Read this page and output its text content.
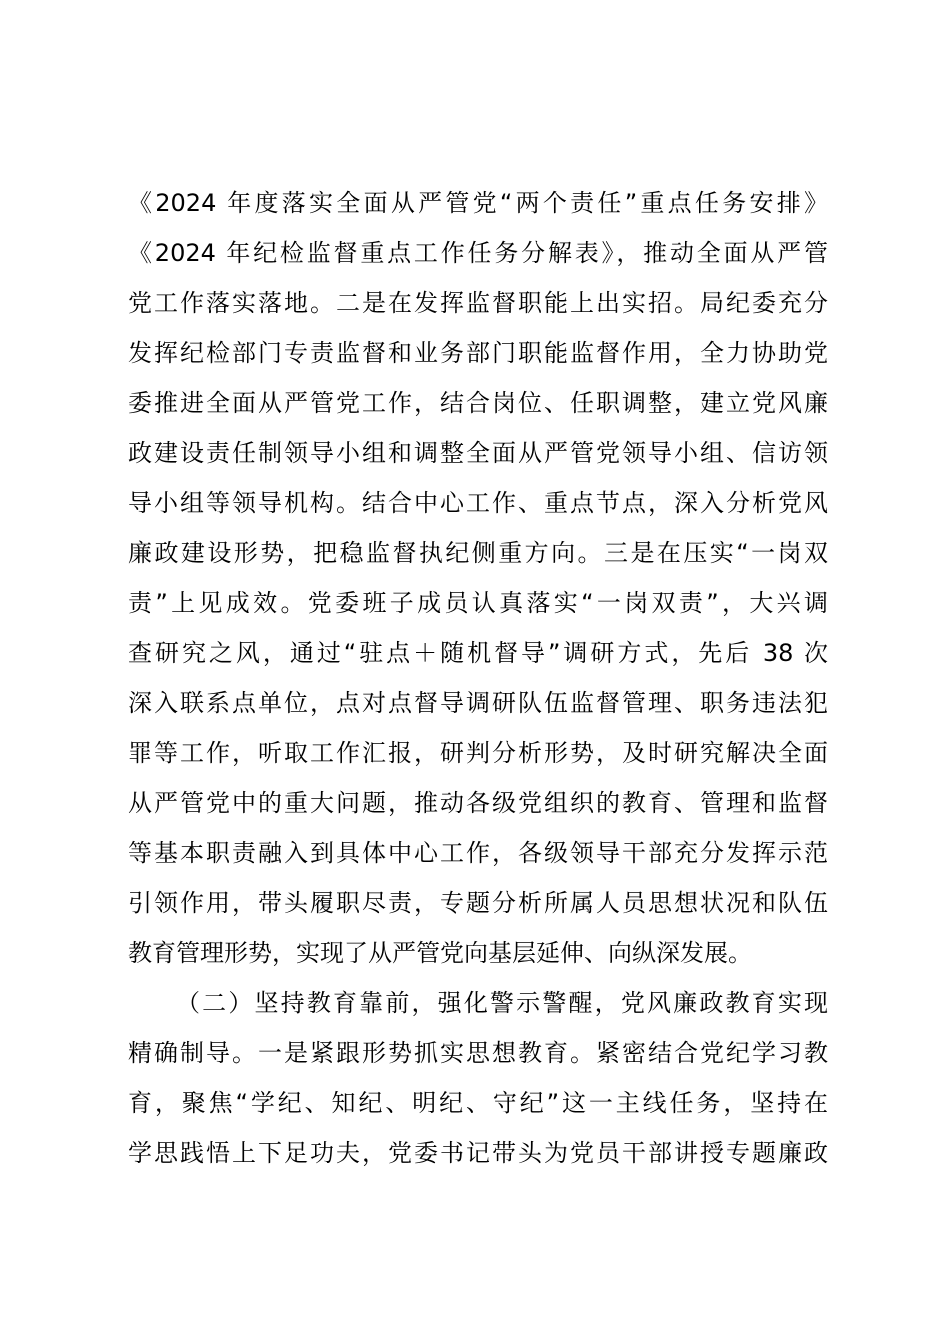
《2024 年度落实全面从严管党“两个责任”重点任务安排》
《2024 年纪检监督重点工作任务分解表》，推动全面从严管
党工作落实落地。二是在发挥监督职能上出实招。局纪委充分
发挥纪检部门专责监督和业务部门职能监督作用，全力协助党
委推进全面从严管党工作，结合岗位、任职调整，建立党风廉
政建设责任制领导小组和调整全面从严管党领导小组、信访领
导小组等领导机构。结合中心工作、重点节点，深入分析党风
廉政建设形势，把稳监督执纪侧重方向。三是在压实“一岗双
责”上见成效。党委班子成员认真落实“一岗双责”，大兴调
查研究之风，通过“驻点＋随机督导”调研方式，先后 38 次
深入联系点单位，点对点督导调研队伍监督管理、职务违法犯
罪等工作，听取工作汇报，研判分析形势，及时研究解决全面
从严管党中的重大问题，推动各级党组织的教育、管理和监督
等基本职责融入到具体中心工作，各级领导干部充分发挥示范
引领作用，带头履职尽责，专题分析所属人员思想状况和队伍
教育管理形势，实现了从严管党向基层延伸、向纵深发展。
（二）坚持教育靠前，强化警示警醒，党风廉政教育实现
精确制导。一是紧跟形势抓实思想教育。紧密结合党纪学习教
育，聚焦“学纪、知纪、明纪、守纪”这一主线任务，坚持在
学思践悟上下足功夫，党委书记带头为党员干部讲授专题廉政
